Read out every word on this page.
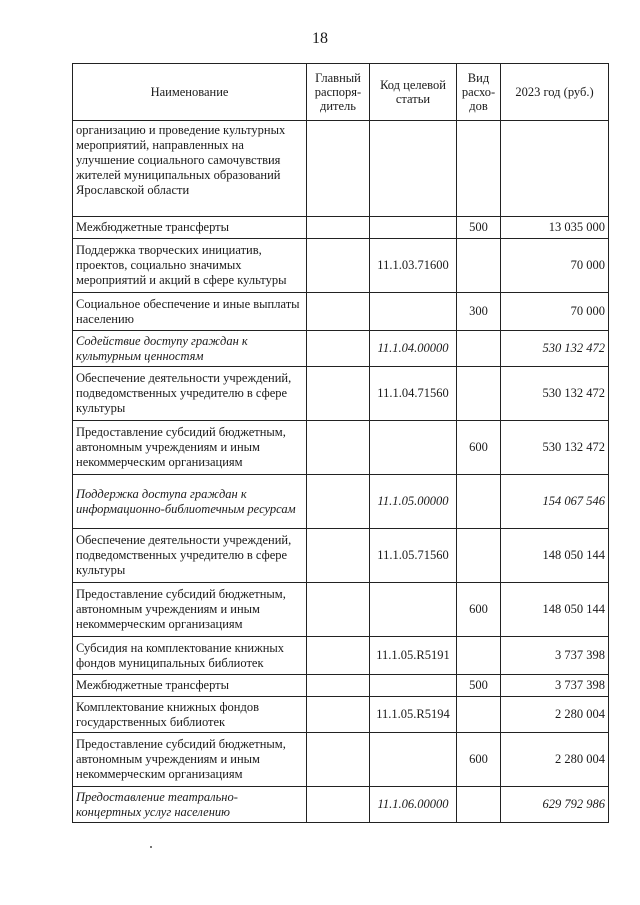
18
Наименование	Главный распоря-дитель	Код целевой статьи	Вид расхо-дов	2023 год (руб.)
организацию и проведение культурных мероприятий, направленных на улучшение социального самочувствия жителей муниципальных образований Ярославской области				
Межбюджетные трансферты			500	13 035 000
Поддержка творческих инициатив, проектов, социально значимых мероприятий и акций в сфере культуры		11.1.03.71600		70 000
Социальное обеспечение и иные выплаты населению			300	70 000
Содействие доступу граждан к культурным ценностям		11.1.04.00000		530 132 472
Обеспечение деятельности учреждений, подведомственных учредителю в сфере культуры		11.1.04.71560		530 132 472
Предоставление субсидий бюджетным, автономным учреждениям и иным некоммерческим организациям			600	530 132 472
Поддержка доступа граждан к информационно-библиотечным ресурсам		11.1.05.00000		154 067 546
Обеспечение деятельности учреждений, подведомственных учредителю в сфере культуры		11.1.05.71560		148 050 144
Предоставление субсидий бюджетным, автономным учреждениям и иным некоммерческим организациям			600	148 050 144
Субсидия на комплектование книжных фондов муниципальных библиотек		11.1.05.R5191		3 737 398
Межбюджетные трансферты			500	3 737 398
Комплектование книжных фондов государственных библиотек		11.1.05.R5194		2 280 004
Предоставление субсидий бюджетным, автономным учреждениям и иным некоммерческим организациям			600	2 280 004
Предоставление театрально-концертных услуг населению		11.1.06.00000		629 792 986
